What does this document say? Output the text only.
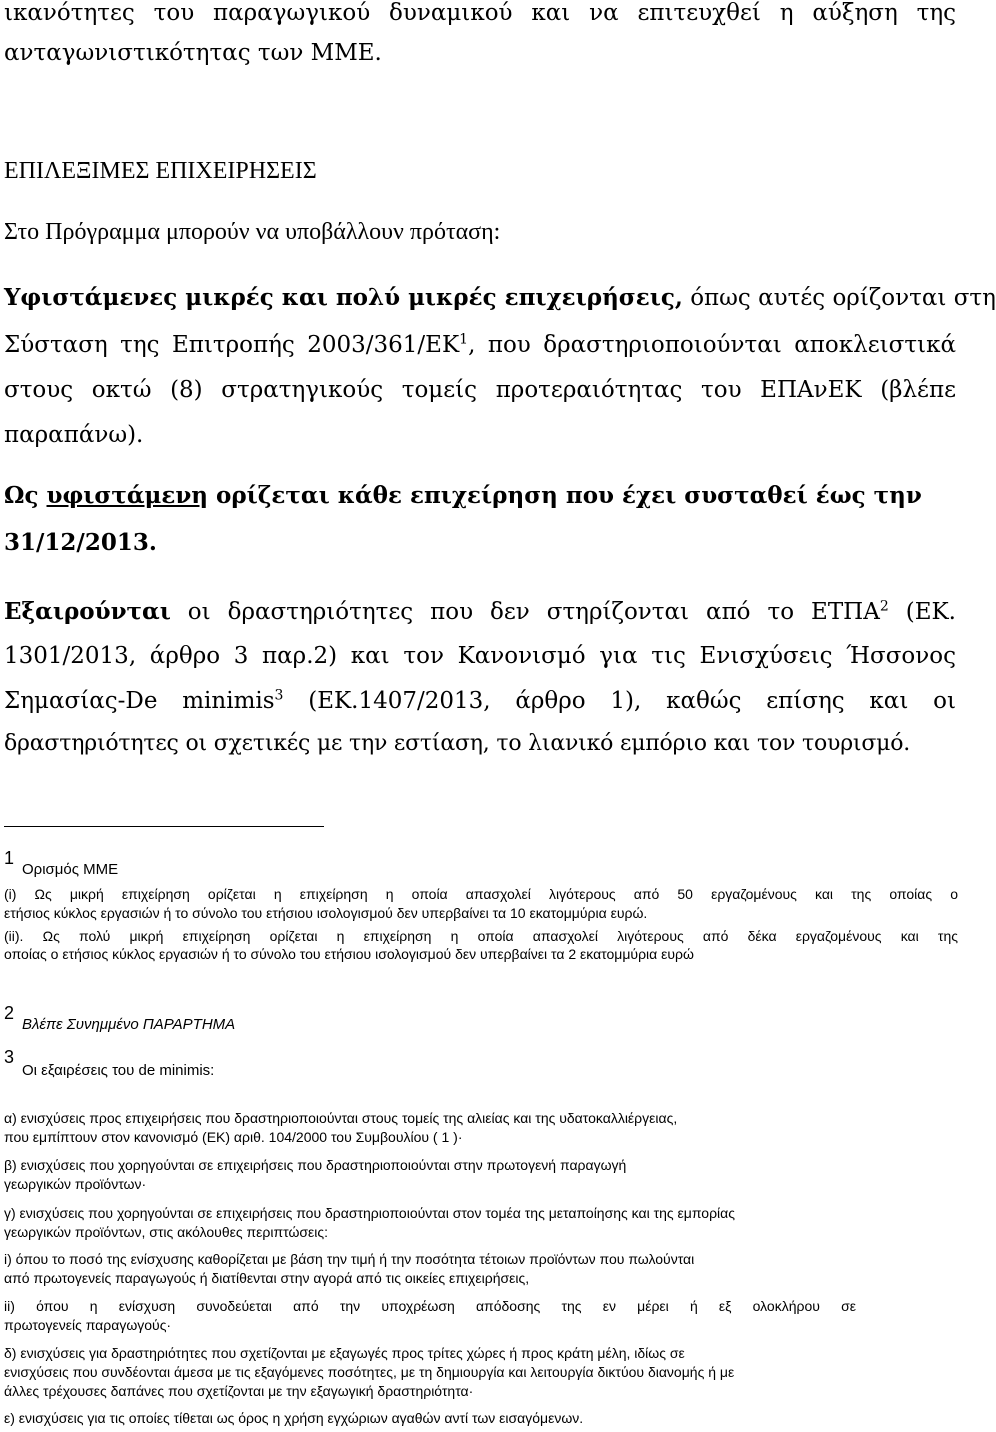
ικανότητες του παραγωγικού δυναμικού και να επιτευχθεί η αύξηση της

ανταγωνιστικότητας των ΜΜΕ.

ΕΠΙΛΕΞΙΜΕΣ ΕΠΙΧΕΙΡΗΣΕΙΣ

Στο Πρόγραμμα μπορούν να υποβάλλουν πρόταση:

Υφιστάμενες μικρές και πολύ μικρές επιχειρήσεις, όπως αυτές ορίζονται στη

Σύσταση της Επιτροπής $2003/361/EK^1$, που δραστηριοποιούνται αποκλειστικά

στους οκτώ (8) στρατηγικούς τομείς προτεραιότητας του ΕΠΑνΕΚ (βλέπε

παραπάνω).

Ως υφιστάμενη ορίζεται κάθε επιχείρηση που έχει συσταθεί έως την

31/12/2013.

Εξαιρούνται οι δραστηριότητες που δεν στηρίζονται από το ΕΤΠΑ$^2$ (ΕΚ.

1301/2013, άρθρο 3 παρ.2) και τον Κανονισμό για τις Ενισχύσεις Ήσσονος

Σημασίας-De minimis$^3$ (ΕΚ.1407/2013, άρθρο 1), καθώς επίσης και οι

δραστηριότητες οι σχετικές με την εστίαση, το λιανικό εμπόριο και τον τουρισμό.

1
Ορισμός ΜΜΕ

(i) Ως μικρή επιχείρηση ορίζεται η επιχείρηση η οποία απασχολεί λιγότερους από 50 εργαζομένους και της οποίας ο

ετήσιος κύκλος εργασιών ή το σύνολο του ετήσιου ισολογισμού δεν υπερβαίνει τα 10 εκατομμύρια ευρώ.

(ii). Ως πολύ μικρή επιχείρηση ορίζεται η επιχείρηση η οποία απασχολεί λιγότερους από δέκα εργαζομένους και της

οποίας ο ετήσιος κύκλος εργασιών ή το σύνολο του ετήσιου ισολογισμού δεν υπερβαίνει τα 2 εκατομμύρια ευρώ

2
Βλέπε Συνημμένο ΠΑΡΑΡΤΗΜΑ
3
Οι εξαιρέσεις του de minimis:

α) ενισχύσεις προς επιχειρήσεις που δραστηριοποιούνται στους τομείς της αλιείας και της υδατοκαλλιέργειας,

που εμπίπτουν στον κανονισμό (ΕΚ) αριθ. 104/2000 του Συμβουλίου ( 1 )·

β) ενισχύσεις που χορηγούνται σε επιχειρήσεις που δραστηριοποιούνται στην πρωτογενή παραγωγή

γεωργικών προϊόντων·

γ) ενισχύσεις που χορηγούνται σε επιχειρήσεις που δραστηριοποιούνται στον τομέα της μεταποίησης και της εμπορίας

γεωργικών προϊόντων, στις ακόλουθες περιπτώσεις:

i) όπου το ποσό της ενίσχυσης καθορίζεται με βάση την τιμή ή την ποσότητα τέτοιων προϊόντων που πωλούνται

από πρωτογενείς παραγωγούς ή διατίθενται στην αγορά από τις οικείες επιχειρήσεις,

ii) όπου η ενίσχυση συνοδεύεται από την υποχρέωση απόδοσης της εν μέρει ή εξ ολοκλήρου σε

πρωτογενείς παραγωγούς·

δ) ενισχύσεις για δραστηριότητες που σχετίζονται με εξαγωγές προς τρίτες χώρες ή προς κράτη μέλη, ιδίως σε

ενισχύσεις που συνδέονται άμεσα με τις εξαγόμενες ποσότητες, με τη δημιουργία και λειτουργία δικτύου διανομής ή με

άλλες τρέχουσες δαπάνες που σχετίζονται με την εξαγωγική δραστηριότητα·

ε) ενισχύσεις για τις οποίες τίθεται ως όρος η χρήση εγχώριων αγαθών αντί των εισαγόμενων.
